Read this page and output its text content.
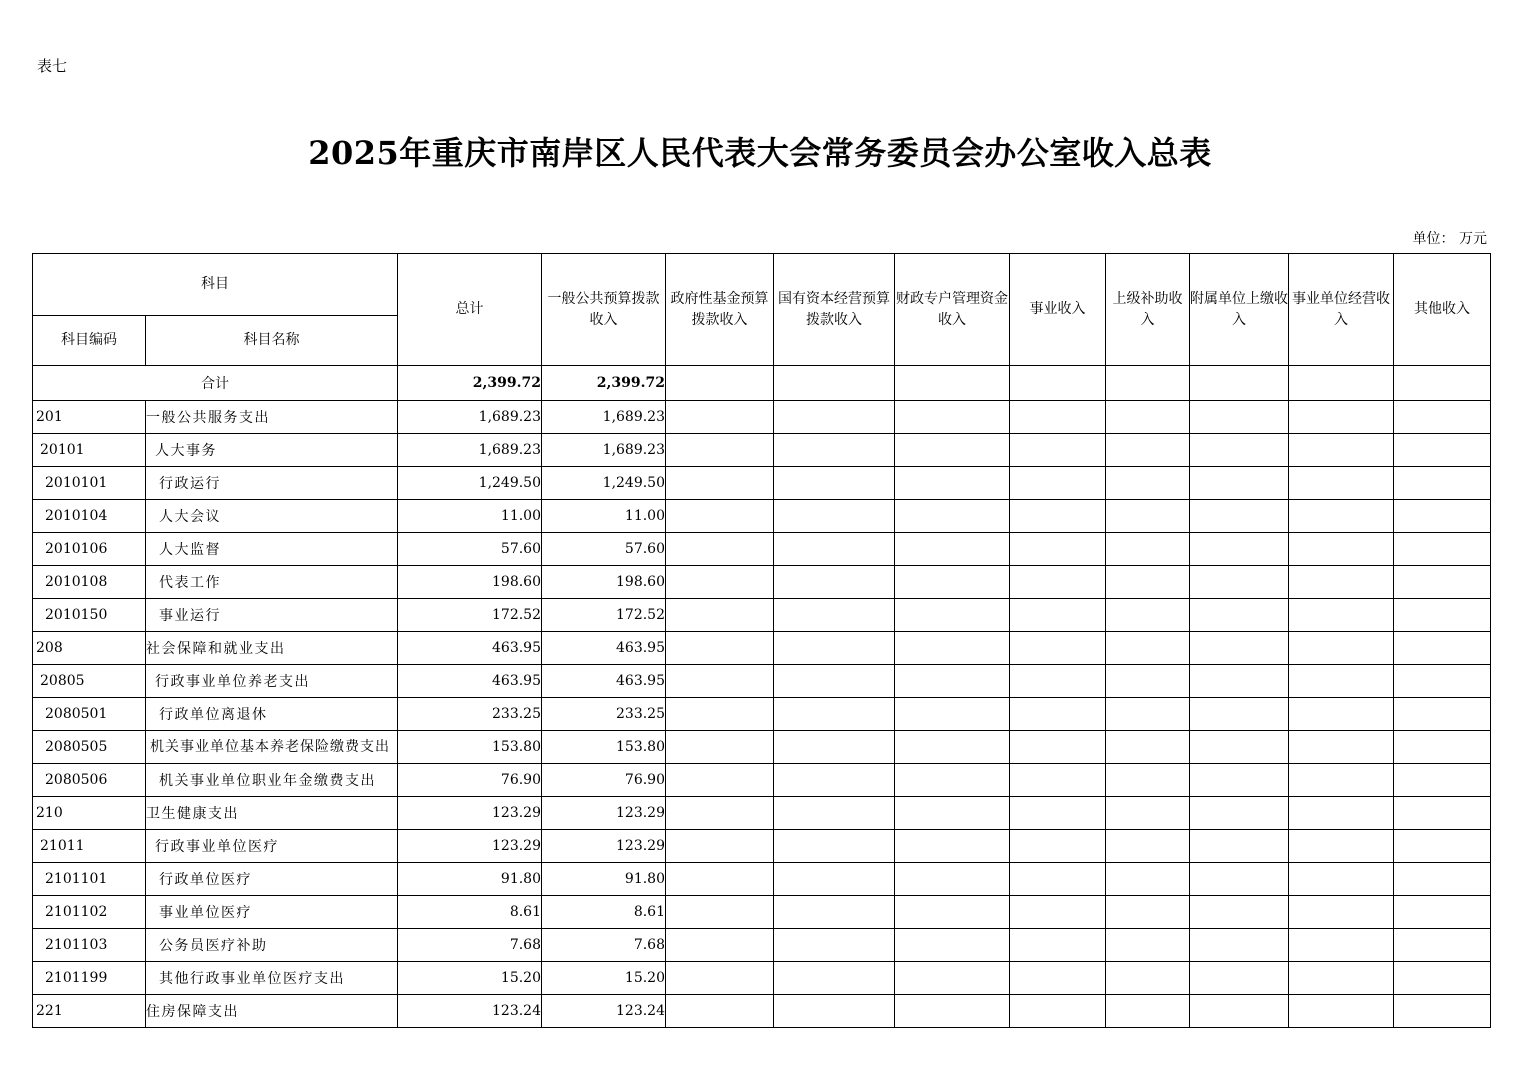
表七
2025年重庆市南岸区人民代表大会常务委员会办公室收入总表
单位： 万元
科目		总计	一般公共预算拨款收入	政府性基金预算拨款收入	国有资本经营预算拨款收入	财政专户管理资金收入	事业收入	上级补助收入	附属单位上缴收入	事业单位经营收入	其他收入
科目编码	科目名称										
合计		2,399.72	2,399.72								
201	一般公共服务支出	1,689.23	1,689.23								
20101	人大事务	1,689.23	1,689.23								
2010101	行政运行	1,249.50	1,249.50								
2010104	人大会议	11.00	11.00								
2010106	人大监督	57.60	57.60								
2010108	代表工作	198.60	198.60								
2010150	事业运行	172.52	172.52								
208	社会保障和就业支出	463.95	463.95								
20805	行政事业单位养老支出	463.95	463.95								
2080501	行政单位离退休	233.25	233.25								
2080505	机关事业单位基本养老保险缴费支出	153.80	153.80								
2080506	机关事业单位职业年金缴费支出	76.90	76.90								
210	卫生健康支出	123.29	123.29								
21011	行政事业单位医疗	123.29	123.29								
2101101	行政单位医疗	91.80	91.80								
2101102	事业单位医疗	8.61	8.61								
2101103	公务员医疗补助	7.68	7.68								
2101199	其他行政事业单位医疗支出	15.20	15.20								
221	住房保障支出	123.24	123.24								
